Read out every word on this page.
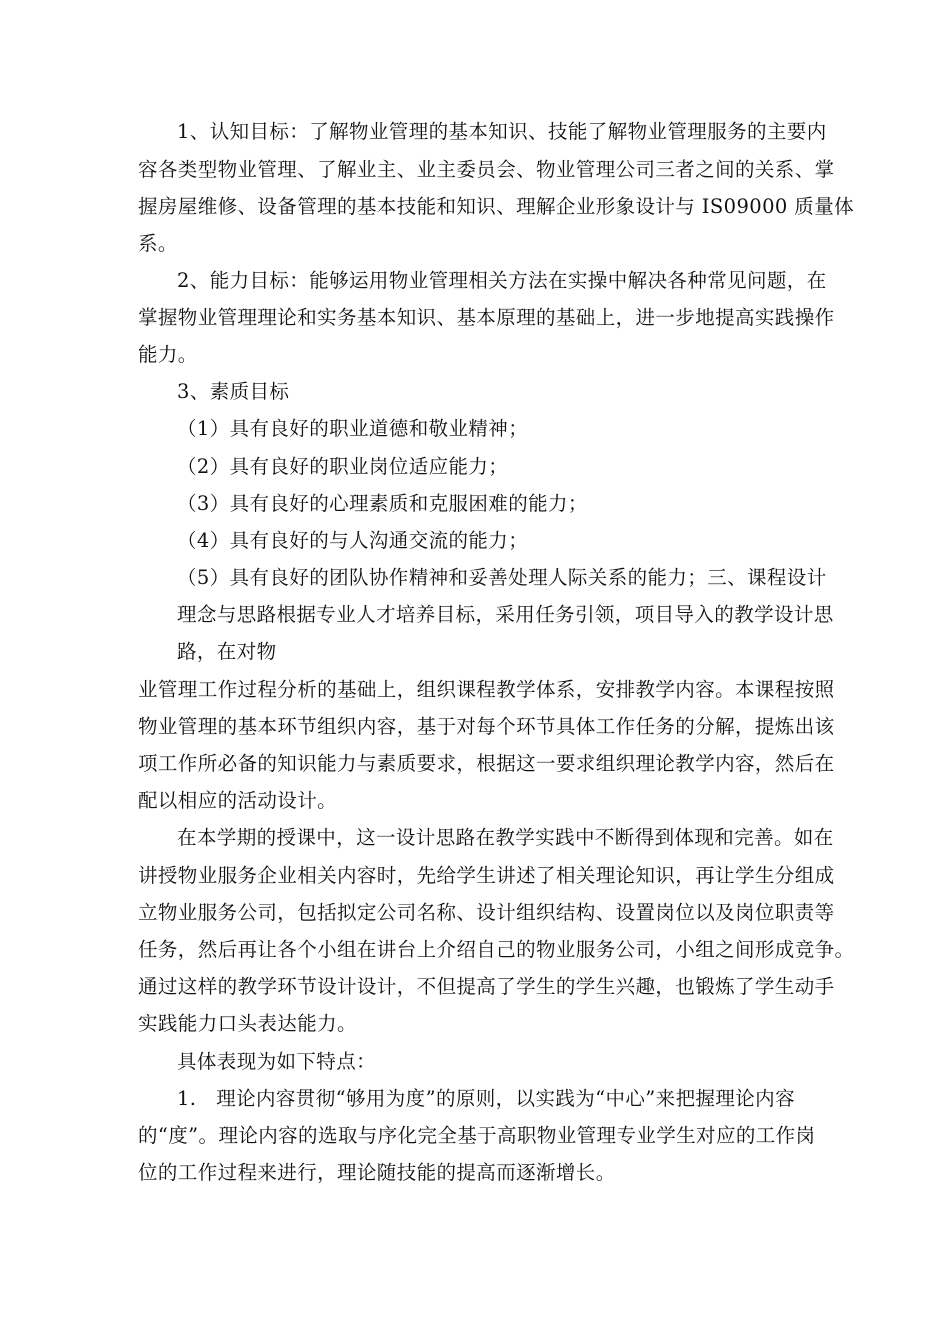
1、认知目标：了解物业管理的基本知识、技能了解物业管理服务的主要内
容各类型物业管理、了解业主、业主委员会、物业管理公司三者之间的关系、掌
握房屋维修、设备管理的基本技能和知识、理解企业形象设计与 IS09000 质量体
系。
2、能力目标：能够运用物业管理相关方法在实操中解决各种常见问题，在
掌握物业管理理论和实务基本知识、基本原理的基础上，进一步地提高实践操作
能力。
3、素质目标
（1）具有良好的职业道德和敬业精神；
（2）具有良好的职业岗位适应能力；
（3）具有良好的心理素质和克服困难的能力；
（4）具有良好的与人沟通交流的能力；
（5）具有良好的团队协作精神和妥善处理人际关系的能力；三、课程设计
理念与思路根据专业人才培养目标，采用任务引领，项目导入的教学设计思
路，在对物
业管理工作过程分析的基础上，组织课程教学体系，安排教学内容。本课程按照
物业管理的基本环节组织内容，基于对每个环节具体工作任务的分解，提炼出该
项工作所必备的知识能力与素质要求，根据这一要求组织理论教学内容，然后在
配以相应的活动设计。
在本学期的授课中，这一设计思路在教学实践中不断得到体现和完善。如在
讲授物业服务企业相关内容时，先给学生讲述了相关理论知识，再让学生分组成
立物业服务公司，包括拟定公司名称、设计组织结构、设置岗位以及岗位职责等
任务，然后再让各个小组在讲台上介绍自己的物业服务公司，小组之间形成竞争。
通过这样的教学环节设计设计，不但提高了学生的学生兴趣，也锻炼了学生动手
实践能力口头表达能力。
具体表现为如下特点：
1.   理论内容贯彻“够用为度”的原则，以实践为“中心”来把握理论内容
的“度”。理论内容的选取与序化完全基于高职物业管理专业学生对应的工作岗
位的工作过程来进行，理论随技能的提高而逐渐增长。
